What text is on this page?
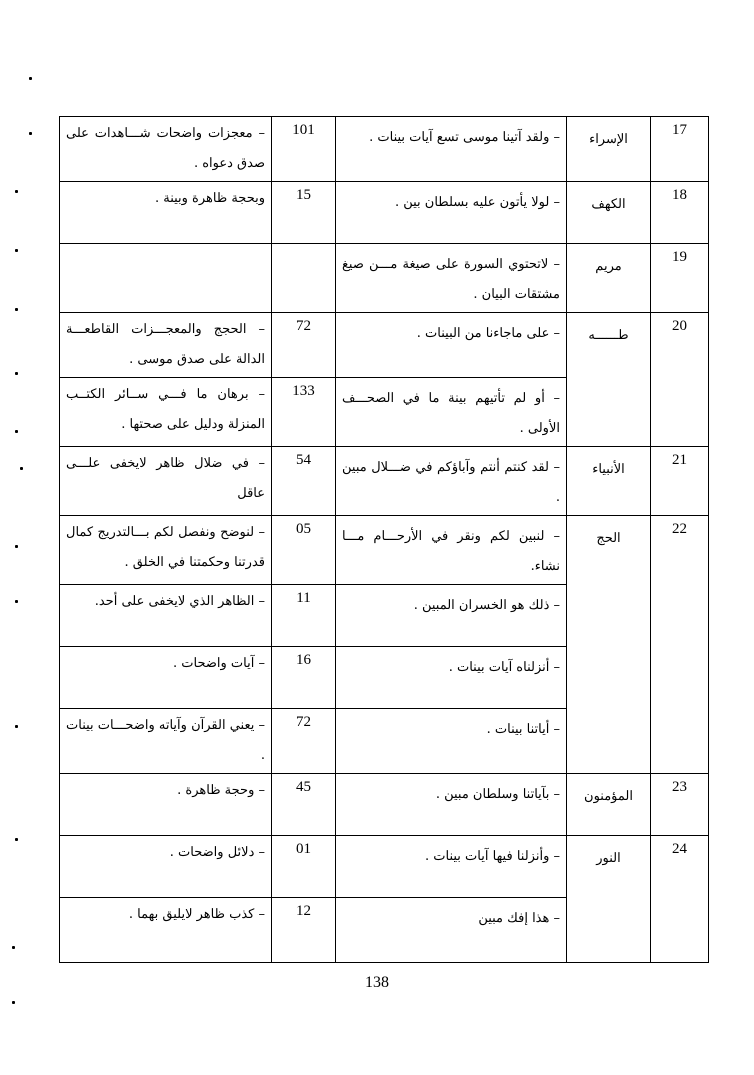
17	الإسراء	– ولقد آتينا موسى تسع آيات بينات .	101	– معجزات واضحات شـــاهدات على صدق دعواه .
18	الكهف	– لولا يأتون عليه بسلطان بين .	15	وبحجة ظاهرة وبينة .
19	مريم	– لاتحتوي السورة على صيغة مـــن صيغ مشتقات البيان .		
20	طــــــه	– على ماجاءنا من البينات .	72	– الحجج والمعجـــزات القاطعـــة الدالة على صدق موسى .
		– أو لم تأتيهم بينة ما في الصحـــف الأولى .	133	– برهان ما فـــي ســائر الكتــب المنزلة ودليل على صحتها .
21	الأنبياء	– لقد كنتم أنتم وآباؤكم في ضـــلال مبين .	54	– في ضلال ظاهر لايخفى علـــى عاقل
22	الحج	– لنبين لكم ونقر في الأرحـــام مـــا نشاء.	05	– لنوضح ونفصل لكم بـــالتدريج كمال قدرتنا وحكمتنا في الخلق .
		– ذلك هو الخسران المبين .	11	– الظاهر الذي لايخفى على أحد.
		– أنزلناه آيات بينات .	16	– آيات واضحات .
		– أياتنا بينات .	72	– يعني القرآن وآياته واضحـــات بينات .
23	المؤمنون	– بآياتنا وسلطان مبين .	45	– وحجة ظاهرة .
24	النور	– وأنزلنا فيها آيات بينات .	01	– دلائل واضحات .
		– هذا إفك مبين	12	– كذب ظاهر لايليق بهما .
138
